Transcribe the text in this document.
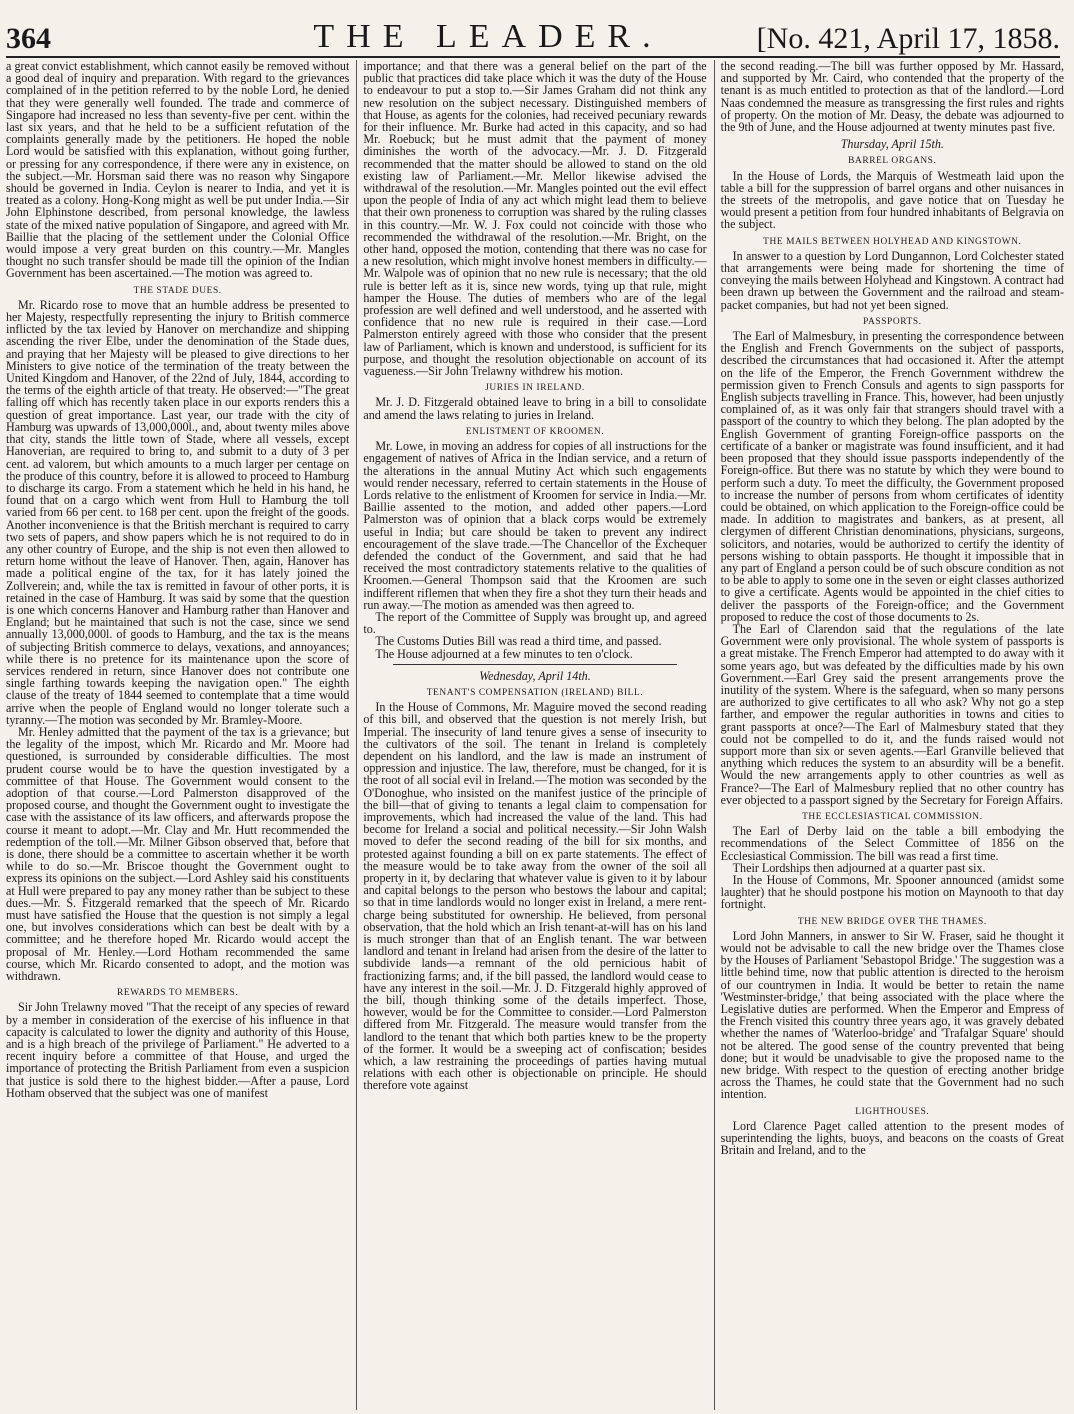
364	THE LEADER.	[No. 421, April 17, 1858.

a great convict establishment, which cannot easily be removed without a good deal of inquiry and preparation. With regard to the grievances complained of in the petition referred to by the noble Lord, he denied that they were generally well founded. The trade and commerce of Singapore had increased no less than seventy-five per cent. within the last six years, and that he held to be a sufficient refutation of the complaints generally made by the petitioners. He hoped the noble Lord would be satisfied with this explanation, without going further, or pressing for any correspondence, if there were any in existence, on the subject.—Mr. Horsman said there was no reason why Singapore should be governed in India. Ceylon is nearer to India, and yet it is treated as a colony. Hong-Kong might as well be put under India.—Sir John Elphinstone described, from personal knowledge, the lawless state of the mixed native population of Singapore, and agreed with Mr. Baillie that the placing of the settlement under the Colonial Office would impose a very great burden on this country.—Mr. Mangles thought no such transfer should be made till the opinion of the Indian Government has been ascertained.—The motion was agreed to.

THE STADE DUES.

Mr. Ricardo rose to move that an humble address be presented to her Majesty, respectfully representing the injury to British commerce inflicted by the tax levied by Hanover on merchandize and shipping ascending the river Elbe, under the denomination of the Stade dues, and praying that her Majesty will be pleased to give directions to her Ministers to give notice of the termination of the treaty between the United Kingdom and Hanover, of the 22nd of July, 1844, according to the terms of the eighth article of that treaty. He observed:—"The great falling off which has recently taken place in our exports renders this a question of great importance. Last year, our trade with the city of Hamburg was upwards of 13,000,000l., and, about twenty miles above that city, stands the little town of Stade, where all vessels, except Hanoverian, are required to bring to, and submit to a duty of 3 per cent. ad valorem, but which amounts to a much larger per centage on the produce of this country, before it is allowed to proceed to Hamburg to discharge its cargo. From a statement which he held in his hand, he found that on a cargo which went from Hull to Hamburg the toll varied from 66 per cent. to 168 per cent. upon the freight of the goods. Another inconvenience is that the British merchant is required to carry two sets of papers, and show papers which he is not required to do in any other country of Europe, and the ship is not even then allowed to return home without the leave of Hanover. Then, again, Hanover has made a political engine of the tax, for it has lately joined the Zollverein; and, while the tax is remitted in favour of other ports, it is retained in the case of Hamburg. It was said by some that the question is one which concerns Hanover and Hamburg rather than Hanover and England; but he maintained that such is not the case, since we send annually 13,000,000l. of goods to Hamburg, and the tax is the means of subjecting British commerce to delays, vexations, and annoyances; while there is no pretence for its maintenance upon the score of services rendered in return, since Hanover does not contribute one single farthing towards keeping the navigation open." The eighth clause of the treaty of 1844 seemed to contemplate that a time would arrive when the people of England would no longer tolerate such a tyranny.—The motion was seconded by Mr. Bramley-Moore.

Mr. Henley admitted that the payment of the tax is a grievance; but the legality of the impost, which Mr. Ricardo and Mr. Moore had questioned, is surrounded by considerable difficulties. The most prudent course would be to have the question investigated by a committee of that House. The Government would consent to the adoption of that course.—Lord Palmerston disapproved of the proposed course, and thought the Government ought to investigate the case with the assistance of its law officers, and afterwards propose the course it meant to adopt.—Mr. Clay and Mr. Hutt recommended the redemption of the toll.—Mr. Milner Gibson observed that, before that is done, there should be a committee to ascertain whether it be worth while to do so.—Mr. Briscoe thought the Government ought to express its opinions on the subject.—Lord Ashley said his constituents at Hull were prepared to pay any money rather than be subject to these dues.—Mr. S. Fitzgerald remarked that the speech of Mr. Ricardo must have satisfied the House that the question is not simply a legal one, but involves considerations which can best be dealt with by a committee; and he therefore hoped Mr. Ricardo would accept the proposal of Mr. Henley.—Lord Hotham recommended the same course, which Mr. Ricardo consented to adopt, and the motion was withdrawn.

REWARDS TO MEMBERS.

Sir John Trelawny moved "That the receipt of any species of reward by a member in consideration of the exercise of his influence in that capacity is calculated to lower the dignity and authority of this House, and is a high breach of the privilege of Parliament." He adverted to a recent inquiry before a committee of that House, and urged the importance of protecting the British Parliament from even a suspicion that justice is sold there to the highest bidder.—After a pause, Lord Hotham observed that the subject was one of manifest

importance; and that there was a general belief on the part of the public that practices did take place which it was the duty of the House to endeavour to put a stop to.—Sir James Graham did not think any new resolution on the subject necessary. Distinguished members of that House, as agents for the colonies, had received pecuniary rewards for their influence. Mr. Burke had acted in this capacity, and so had Mr. Roebuck; but he must admit that the payment of money diminishes the worth of the advocacy.—Mr. J. D. Fitzgerald recommended that the matter should be allowed to stand on the old existing law of Parliament.—Mr. Mellor likewise advised the withdrawal of the resolution.—Mr. Mangles pointed out the evil effect upon the people of India of any act which might lead them to believe that their own proneness to corruption was shared by the ruling classes in this country.—Mr. W. J. Fox could not coincide with those who recommended the withdrawal of the resolution.—Mr. Bright, on the other hand, opposed the motion, contending that there was no case for a new resolution, which might involve honest members in difficulty.—Mr. Walpole was of opinion that no new rule is necessary; that the old rule is better left as it is, since new words, tying up that rule, might hamper the House. The duties of members who are of the legal profession are well defined and well understood, and he asserted with confidence that no new rule is required in their case.—Lord Palmerston entirely agreed with those who consider that the present law of Parliament, which is known and understood, is sufficient for its purpose, and thought the resolution objectionable on account of its vagueness.—Sir John Trelawny withdrew his motion.

JURIES IN IRELAND.

Mr. J. D. Fitzgerald obtained leave to bring in a bill to consolidate and amend the laws relating to juries in Ireland.

ENLISTMENT OF KROOMEN.

Mr. Lowe, in moving an address for copies of all instructions for the engagement of natives of Africa in the Indian service, and a return of the alterations in the annual Mutiny Act which such engagements would render necessary, referred to certain statements in the House of Lords relative to the enlistment of Kroomen for service in India.—Mr. Baillie assented to the motion, and added other papers.—Lord Palmerston was of opinion that a black corps would be extremely useful in India; but care should be taken to prevent any indirect encouragement of the slave trade.—The Chancellor of the Exchequer defended the conduct of the Government, and said that he had received the most contradictory statements relative to the qualities of Kroomen.—General Thompson said that the Kroomen are such indifferent riflemen that when they fire a shot they turn their heads and run away.—The motion as amended was then agreed to.

The report of the Committee of Supply was brought up, and agreed to.

The Customs Duties Bill was read a third time, and passed.

The House adjourned at a few minutes to ten o'clock.

Wednesday, April 14th.
TENANT'S COMPENSATION (IRELAND) BILL.

In the House of Commons, Mr. Maguire moved the second reading of this bill, and observed that the question is not merely Irish, but Imperial. The insecurity of land tenure gives a sense of insecurity to the cultivators of the soil. The tenant in Ireland is completely dependent on his landlord, and the law is made an instrument of oppression and injustice. The law, therefore, must be changed, for it is the root of all social evil in Ireland.—The motion was seconded by the O'Donoghue, who insisted on the manifest justice of the principle of the bill—that of giving to tenants a legal claim to compensation for improvements, which had increased the value of the land. This had become for Ireland a social and political necessity.—Sir John Walsh moved to defer the second reading of the bill for six months, and protested against founding a bill on ex parte statements. The effect of the measure would be to take away from the owner of the soil all property in it, by declaring that whatever value is given to it by labour and capital belongs to the person who bestows the labour and capital; so that in time landlords would no longer exist in Ireland, a mere rent-charge being substituted for ownership. He believed, from personal observation, that the hold which an Irish tenant-at-will has on his land is much stronger than that of an English tenant. The war between landlord and tenant in Ireland had arisen from the desire of the latter to subdivide lands—a remnant of the old pernicious habit of fractionizing farms; and, if the bill passed, the landlord would cease to have any interest in the soil.—Mr. J. D. Fitzgerald highly approved of the bill, though thinking some of the details imperfect. Those, however, would be for the Committee to consider.—Lord Palmerston differed from Mr. Fitzgerald. The measure would transfer from the landlord to the tenant that which both parties knew to be the property of the former. It would be a sweeping act of confiscation; besides which, a law restraining the proceedings of parties having mutual relations with each other is objectionable on principle. He should therefore vote against

the second reading.—The bill was further opposed by Mr. Hassard, and supported by Mr. Caird, who contended that the property of the tenant is as much entitled to protection as that of the landlord.—Lord Naas condemned the measure as transgressing the first rules and rights of property. On the motion of Mr. Deasy, the debate was adjourned to the 9th of June, and the House adjourned at twenty minutes past five.

Thursday, April 15th.
BARREL ORGANS.

In the House of Lords, the Marquis of Westmeath laid upon the table a bill for the suppression of barrel organs and other nuisances in the streets of the metropolis, and gave notice that on Tuesday he would present a petition from four hundred inhabitants of Belgravia on the subject.

THE MAILS BETWEEN HOLYHEAD AND KINGSTOWN.

In answer to a question by Lord Dungannon, Lord Colchester stated that arrangements were being made for shortening the time of conveying the mails between Holyhead and Kingstown. A contract had been drawn up between the Government and the railroad and steam-packet companies, but had not yet been signed.

PASSPORTS.

The Earl of Malmesbury, in presenting the correspondence between the English and French Governments on the subject of passports, described the circumstances that had occasioned it. After the attempt on the life of the Emperor, the French Government withdrew the permission given to French Consuls and agents to sign passports for English subjects travelling in France. This, however, had been unjustly complained of, as it was only fair that strangers should travel with a passport of the country to which they belong. The plan adopted by the English Government of granting Foreign-office passports on the certificate of a banker or magistrate was found insufficient, and it had been proposed that they should issue passports independently of the Foreign-office. But there was no statute by which they were bound to perform such a duty. To meet the difficulty, the Government proposed to increase the number of persons from whom certificates of identity could be obtained, on which application to the Foreign-office could be made. In addition to magistrates and bankers, as at present, all clergymen of different Christian denominations, physicians, surgeons, solicitors, and notaries, would be authorized to certify the identity of persons wishing to obtain passports. He thought it impossible that in any part of England a person could be of such obscure condition as not to be able to apply to some one in the seven or eight classes authorized to give a certificate. Agents would be appointed in the chief cities to deliver the passports of the Foreign-office; and the Government proposed to reduce the cost of those documents to 2s.

The Earl of Clarendon said that the regulations of the late Government were only provisional. The whole system of passports is a great mistake. The French Emperor had attempted to do away with it some years ago, but was defeated by the difficulties made by his own Government.—Earl Grey said the present arrangements prove the inutility of the system. Where is the safeguard, when so many persons are authorized to give certificates to all who ask? Why not go a step farther, and empower the regular authorities in towns and cities to grant passports at once?—The Earl of Malmesbury stated that they could not be compelled to do it, and the funds raised would not support more than six or seven agents.—Earl Granville believed that anything which reduces the system to an absurdity will be a benefit. Would the new arrangements apply to other countries as well as France?—The Earl of Malmesbury replied that no other country has ever objected to a passport signed by the Secretary for Foreign Affairs.

THE ECCLESIASTICAL COMMISSION.

The Earl of Derby laid on the table a bill embodying the recommendations of the Select Committee of 1856 on the Ecclesiastical Commission. The bill was read a first time.

Their Lordships then adjourned at a quarter past six.

In the House of Commons, Mr. Spooner announced (amidst some laughter) that he should postpone his motion on Maynooth to that day fortnight.

THE NEW BRIDGE OVER THE THAMES.

Lord John Manners, in answer to Sir W. Fraser, said he thought it would not be advisable to call the new bridge over the Thames close by the Houses of Parliament 'Sebastopol Bridge.' The suggestion was a little behind time, now that public attention is directed to the heroism of our countrymen in India. It would be better to retain the name 'Westminster-bridge,' that being associated with the place where the Legislative duties are performed. When the Emperor and Empress of the French visited this country three years ago, it was gravely debated whether the names of 'Waterloo-bridge' and 'Trafalgar Square' should not be altered. The good sense of the country prevented that being done; but it would be unadvisable to give the proposed name to the new bridge. With respect to the question of erecting another bridge across the Thames, he could state that the Government had no such intention.

LIGHTHOUSES.

Lord Clarence Paget called attention to the present modes of superintending the lights, buoys, and beacons on the coasts of Great Britain and Ireland, and to the
